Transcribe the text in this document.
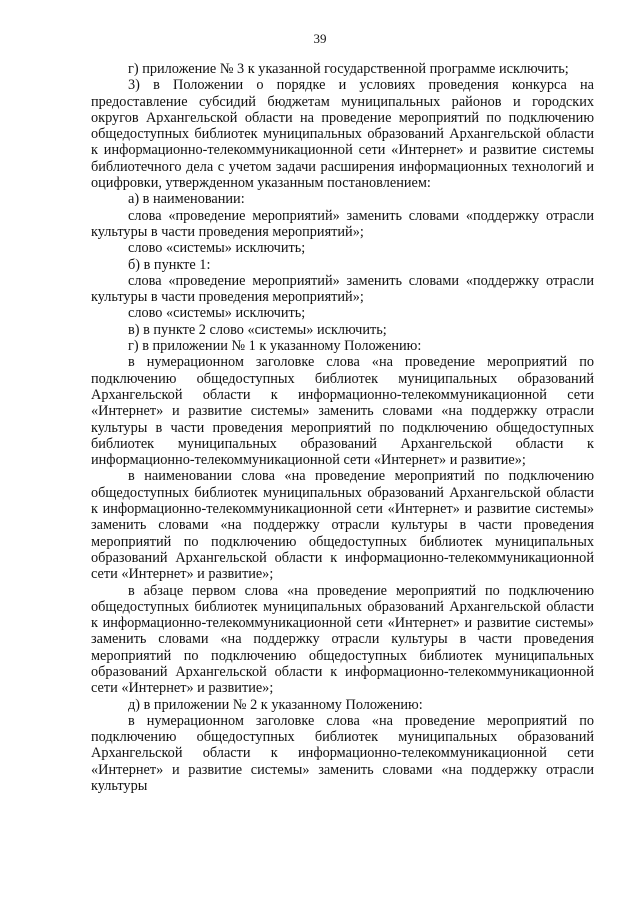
39

г) приложение № 3 к указанной государственной программе исключить;

3) в Положении о порядке и условиях проведения конкурса на предоставление субсидий бюджетам муниципальных районов и городских округов Архангельской области на проведение мероприятий по подключению общедоступных библиотек муниципальных образований Архангельской области к информационно-телекоммуникационной сети «Интернет» и развитие системы библиотечного дела с учетом задачи расширения информационных технологий и оцифровки, утвержденном указанным постановлением:

а) в наименовании:

слова «проведение мероприятий» заменить словами «поддержку отрасли культуры в части проведения мероприятий»;

слово «системы» исключить;

б) в пункте 1:

слова «проведение мероприятий» заменить словами «поддержку отрасли культуры в части проведения мероприятий»;

слово «системы» исключить;

в) в пункте 2 слово «системы» исключить;

г) в приложении № 1 к указанному Положению:

в нумерационном заголовке слова «на проведение мероприятий по подключению общедоступных библиотек муниципальных образований Архангельской области к информационно-телекоммуникационной сети «Интернет» и развитие системы» заменить словами «на поддержку отрасли культуры в части проведения мероприятий по подключению общедоступных библиотек муниципальных образований Архангельской области к информационно-телекоммуникационной сети «Интернет» и развитие»;

в наименовании слова «на проведение мероприятий по подключению общедоступных библиотек муниципальных образований Архангельской области к информационно-телекоммуникационной сети «Интернет» и развитие системы» заменить словами «на поддержку отрасли культуры в части проведения мероприятий по подключению общедоступных библиотек муниципальных образований Архангельской области к информационно-телекоммуникационной сети «Интернет» и развитие»;

в абзаце первом слова «на проведение мероприятий по подключению общедоступных библиотек муниципальных образований Архангельской области к информационно-телекоммуникационной сети «Интернет» и развитие системы» заменить словами «на поддержку отрасли культуры в части проведения мероприятий по подключению общедоступных библиотек муниципальных образований Архангельской области к информационно-телекоммуникационной сети «Интернет» и развитие»;

д) в приложении № 2 к указанному Положению:

в нумерационном заголовке слова «на проведение мероприятий по подключению общедоступных библиотек муниципальных образований Архангельской области к информационно-телекоммуникационной сети «Интернет» и развитие системы» заменить словами «на поддержку отрасли культуры
